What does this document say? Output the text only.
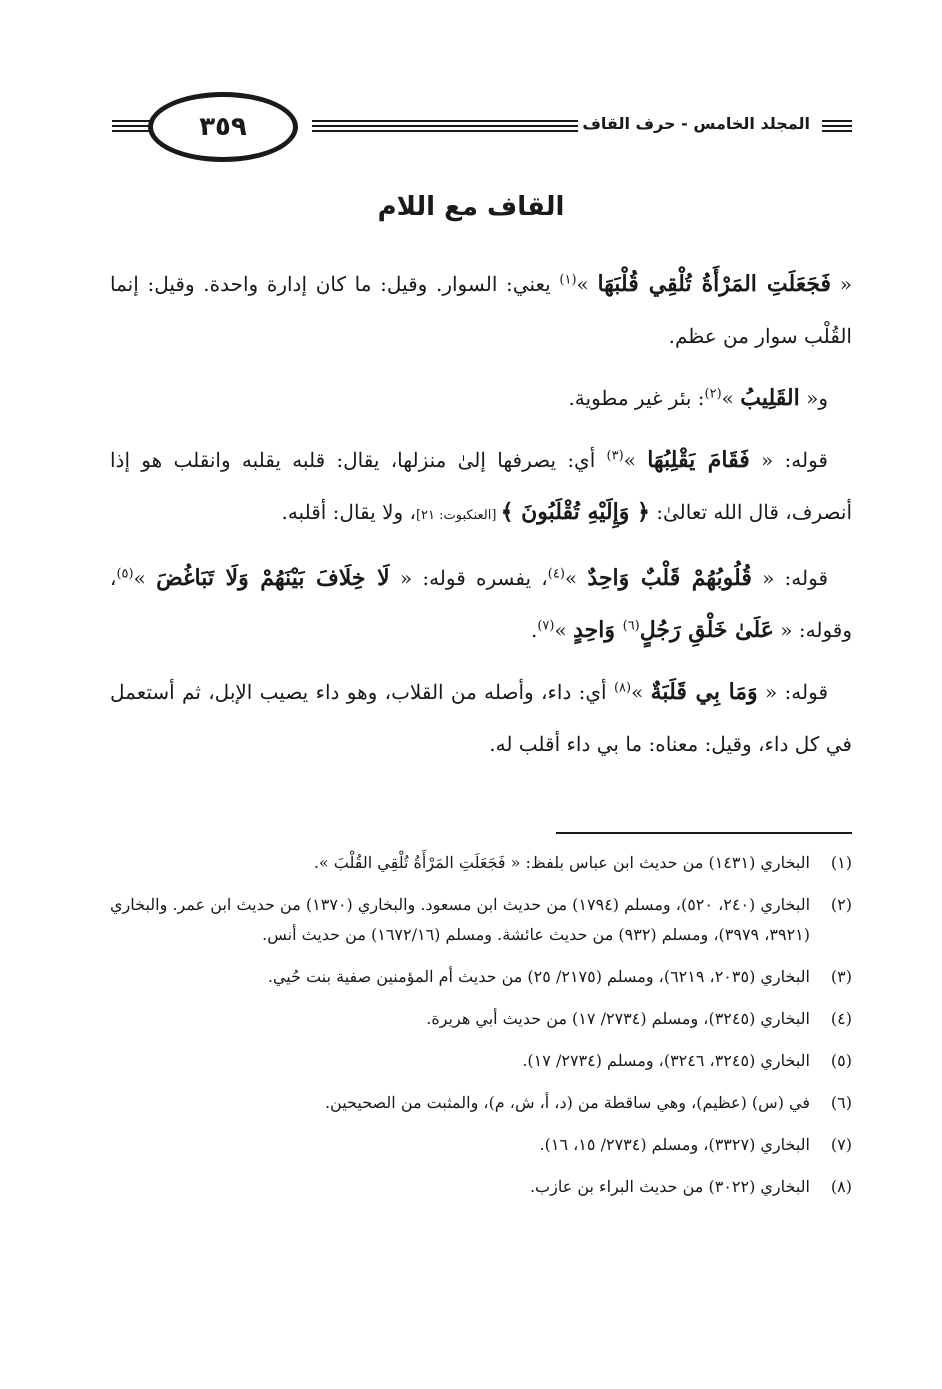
٣٥٩	المجلد الخامس - حرف القاف
القاف مع اللام

« فَجَعَلَتِ المَرْأَةُ تُلْقِي قُلْبَهَا »$^{(١)}$ يعني: السوار. وقيل: ما كان إدارة واحدة. وقيل: إنما القُلْب سوار من عظم.

و« القَلِيبُ »$^{(٢)}$: بئر غير مطوية.

قوله: « فَقَامَ يَقْلِبُهَا »$^{(٣)}$ أي: يصرفها إلىٰ منزلها، يقال: قلبه يقلبه وانقلب هو إذا أنصرف، قال الله تعالىٰ: ﴿ وَإِلَيْهِ تُقْلَبُونَ ﴾ [العنكبوت: ٢١]، ولا يقال: أقلبه.

قوله: « قُلُوبُهُمْ قَلْبٌ وَاحِدٌ »$^{(٤)}$، يفسره قوله: « لَا خِلَافَ بَيْنَهُمْ وَلَا تَبَاغُضَ »$^{(٥)}$، وقوله: « عَلَىٰ خَلْقِ رَجُلٍ$^{(٦)}$ وَاحِدٍ »$^{(٧)}$.

قوله: « وَمَا بِي قَلَبَةٌ »$^{(٨)}$ أي: داء، وأصله من القلاب، وهو داء يصيب الإبل، ثم أستعمل في كل داء، وقيل: معناه: ما بي داء أقلب له.

(١)
البخاري (١٤٣١) من حديث ابن عباس بلفظ: « فَجَعَلَتِ المَرْأَةُ تُلْقِي القُلْبَ ».
(٢)
البخاري (٢٤٠، ٥٢٠)، ومسلم (١٧٩٤) من حديث ابن مسعود. والبخاري (١٣٧٠) من حديث ابن عمر. والبخاري (٣٩٢١، ٣٩٧٩)، ومسلم (٩٣٢) من حديث عائشة. ومسلم (١٦٧٢/١٦) من حديث أنس.
(٣)
البخاري (٢٠٣٥، ٦٢١٩)، ومسلم (٢١٧٥/ ٢٥) من حديث أم المؤمنين صفية بنت حُيي.
(٤)
البخاري (٣٢٤٥)، ومسلم (٢٧٣٤/ ١٧) من حديث أبي هريرة.
(٥)
البخاري (٣٢٤٥، ٣٢٤٦)، ومسلم (٢٧٣٤/ ١٧).
(٦)
في (س) (عظيم)، وهي ساقطة من (د، أ، ش، م)، والمثبت من الصحيحين.
(٧)
البخاري (٣٣٢٧)، ومسلم (٢٧٣٤/ ١٥، ١٦).
(٨)
البخاري (٣٠٢٢) من حديث البراء بن عازب.
